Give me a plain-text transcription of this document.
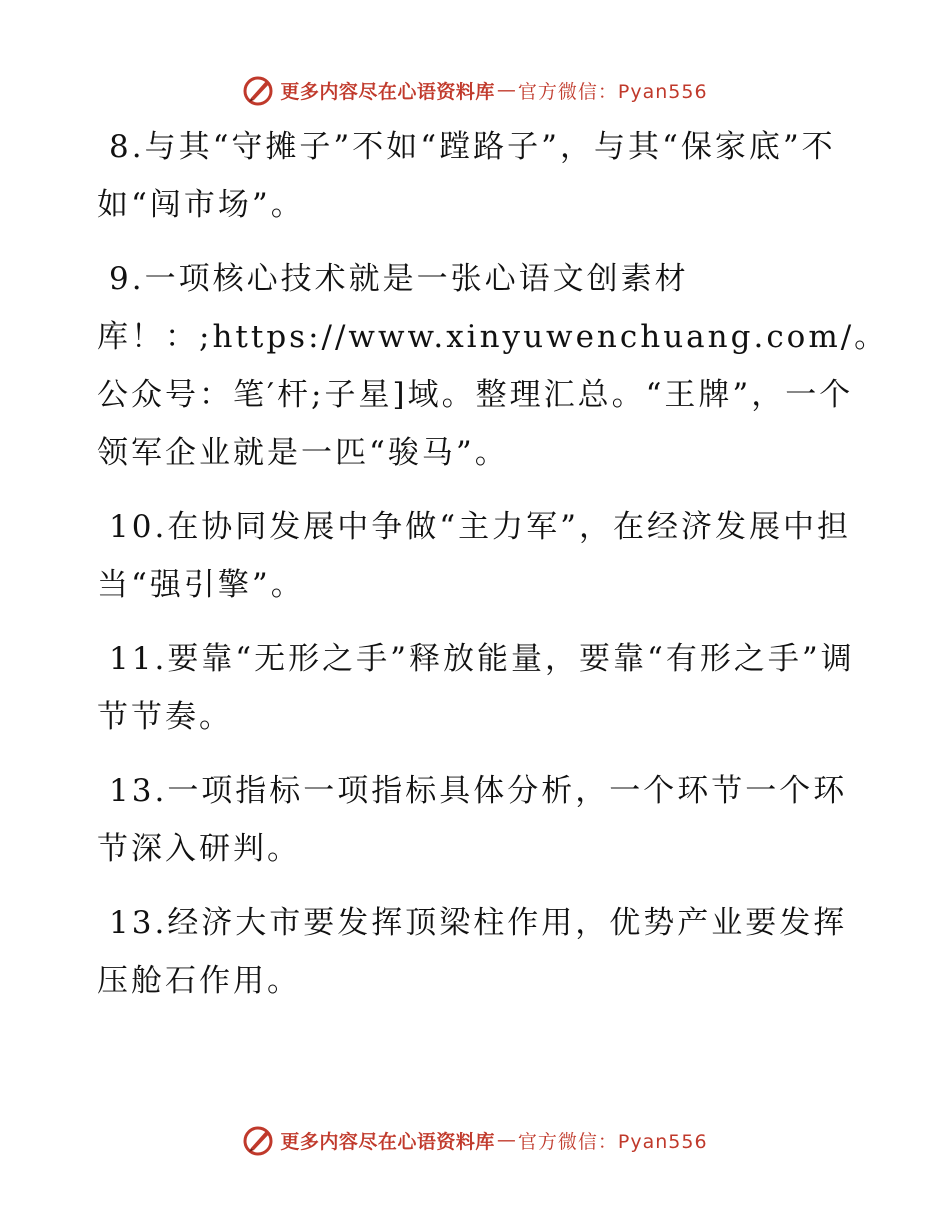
更多内容尽在心语资料库 — 官方微信：Pyan556

8.与其“守摊子”不如“蹚路子”，与其“保家底”不如“闯市场”。

9.一项核心技术就是一张心语文创素材库！：;https://www.xinyuwenchuang.com/。公众号：笔′杆;子星]域。整理汇总。“王牌”，一个领军企业就是一匹“骏马”。

10.在协同发展中争做“主力军”，在经济发展中担当“强引擎”。

11.要靠“无形之手”释放能量，要靠“有形之手”调节节奏。

13.一项指标一项指标具体分析，一个环节一个环节深入研判。

13.经济大市要发挥顶梁柱作用，优势产业要发挥压舱石作用。

更多内容尽在心语资料库 — 官方微信：Pyan556
